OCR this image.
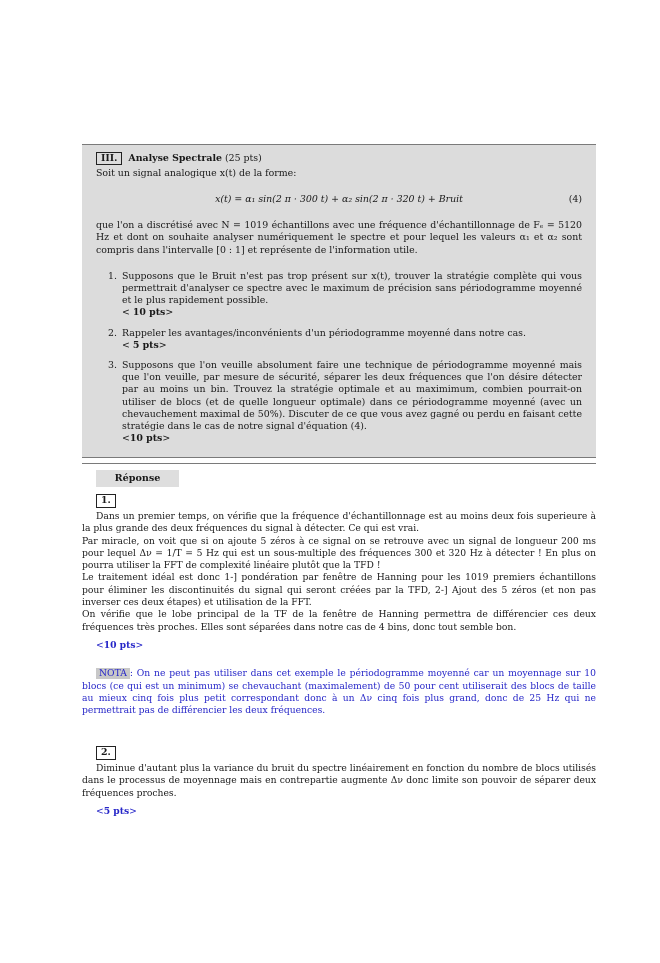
III. Analyse Spectrale (25 pts)
Soit un signal analogique x(t) de la forme:
x(t) = α₁ sin(2 π · 300 t) + α₂ sin(2 π · 320 t) + Bruit	(4)
que l'on a discrétisé avec N = 1019 échantillons avec une fréquence d'échantillonnage de Fₑ = 5120 Hz et dont on souhaite analyser numériquement le spectre et pour lequel les valeurs α₁ et α₂ sont compris dans l'intervalle [0 : 1] et représente de l'information utile.
1. Supposons que le Bruit n'est pas trop présent sur x(t), trouver la stratégie complète qui vous permettrait d'analyser ce spectre avec le maximum de précision sans périodogramme moyenné et le plus rapidement possible.
< 10 pts>
2. Rappeler les avantages/inconvénients d'un périodogramme moyenné dans notre cas.
< 5 pts>
3. Supposons que l'on veuille absolument faire une technique de périodogramme moyenné mais que l'on veuille, par mesure de sécurité, séparer les deux fréquences que l'on désire détecter par au moins un bin. Trouvez la stratégie optimale et au maximimum, combien pourrait-on utiliser de blocs (et de quelle longueur optimale) dans ce périodogramme moyenné (avec un chevauchement maximal de 50%). Discuter de ce que vous avez gagné ou perdu en faisant cette stratégie dans le cas de notre signal d'équation (4).
<10 pts>
Réponse
1.
Dans un premier temps, on vérifie que la fréquence d'échantillonnage est au moins deux fois superieure à la plus grande des deux fréquences du signal à détecter. Ce qui est vrai.
Par miracle, on voit que si on ajoute 5 zéros à ce signal on se retrouve avec un signal de longueur 200 ms pour lequel Δν = 1/T = 5 Hz qui est un sous-multiple des fréquences 300 et 320 Hz à détecter ! En plus on pourra utiliser la FFT de complexité linéaire plutôt que la TFD !
Le traitement idéal est donc 1-] pondération par fenêtre de Hanning pour les 1019 premiers échantillons pour éliminer les discontinuités du signal qui seront créées par la TFD, 2-] Ajout des 5 zéros (et non pas inverser ces deux étapes) et utilisation de la FFT.
On vérifie que le lobe principal de la TF de la fenêtre de Hanning permettra de différencier ces deux fréquences très proches. Elles sont séparées dans notre cas de 4 bins, donc tout semble bon.
<10 pts>
NOTA : On ne peut pas utiliser dans cet exemple le périodogramme moyenné car un moyennage sur 10 blocs (ce qui est un minimum) se chevauchant (maximalement) de 50 pour cent utiliserait des blocs de taille au mieux cinq fois plus petit correspondant donc à un Δν cinq fois plus grand, donc de 25 Hz qui ne permettrait pas de différencier les deux fréquences.
2.
Diminue d'autant plus la variance du bruit du spectre linéairement en fonction du nombre de blocs utilisés dans le processus de moyennage mais en contrepartie augmente Δν donc limite son pouvoir de séparer deux fréquences proches.
<5 pts>
